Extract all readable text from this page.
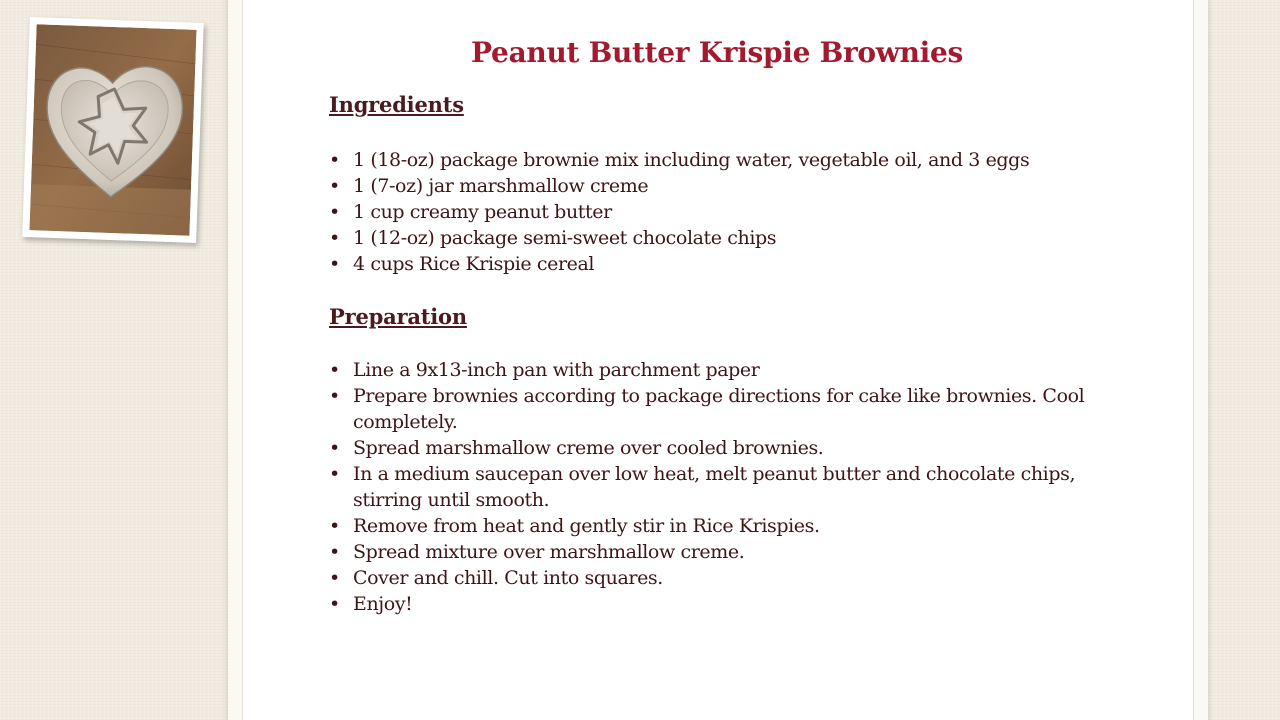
Peanut Butter Krispie Brownies
Ingredients
• 1 (18-oz) package brownie mix including water, vegetable oil, and 3 eggs
• 1 (7-oz) jar marshmallow creme
• 1 cup creamy peanut butter
• 1 (12-oz) package semi-sweet chocolate chips
• 4 cups Rice Krispie cereal
Preparation
• Line a 9x13-inch pan with parchment paper
• Prepare brownies according to package directions for cake like brownies. Cool completely.
• Spread marshmallow creme over cooled brownies.
• In a medium saucepan over low heat, melt peanut butter and chocolate chips, stirring until smooth.
• Remove from heat and gently stir in Rice Krispies.
• Spread mixture over marshmallow creme.
• Cover and chill. Cut into squares.
• Enjoy!
